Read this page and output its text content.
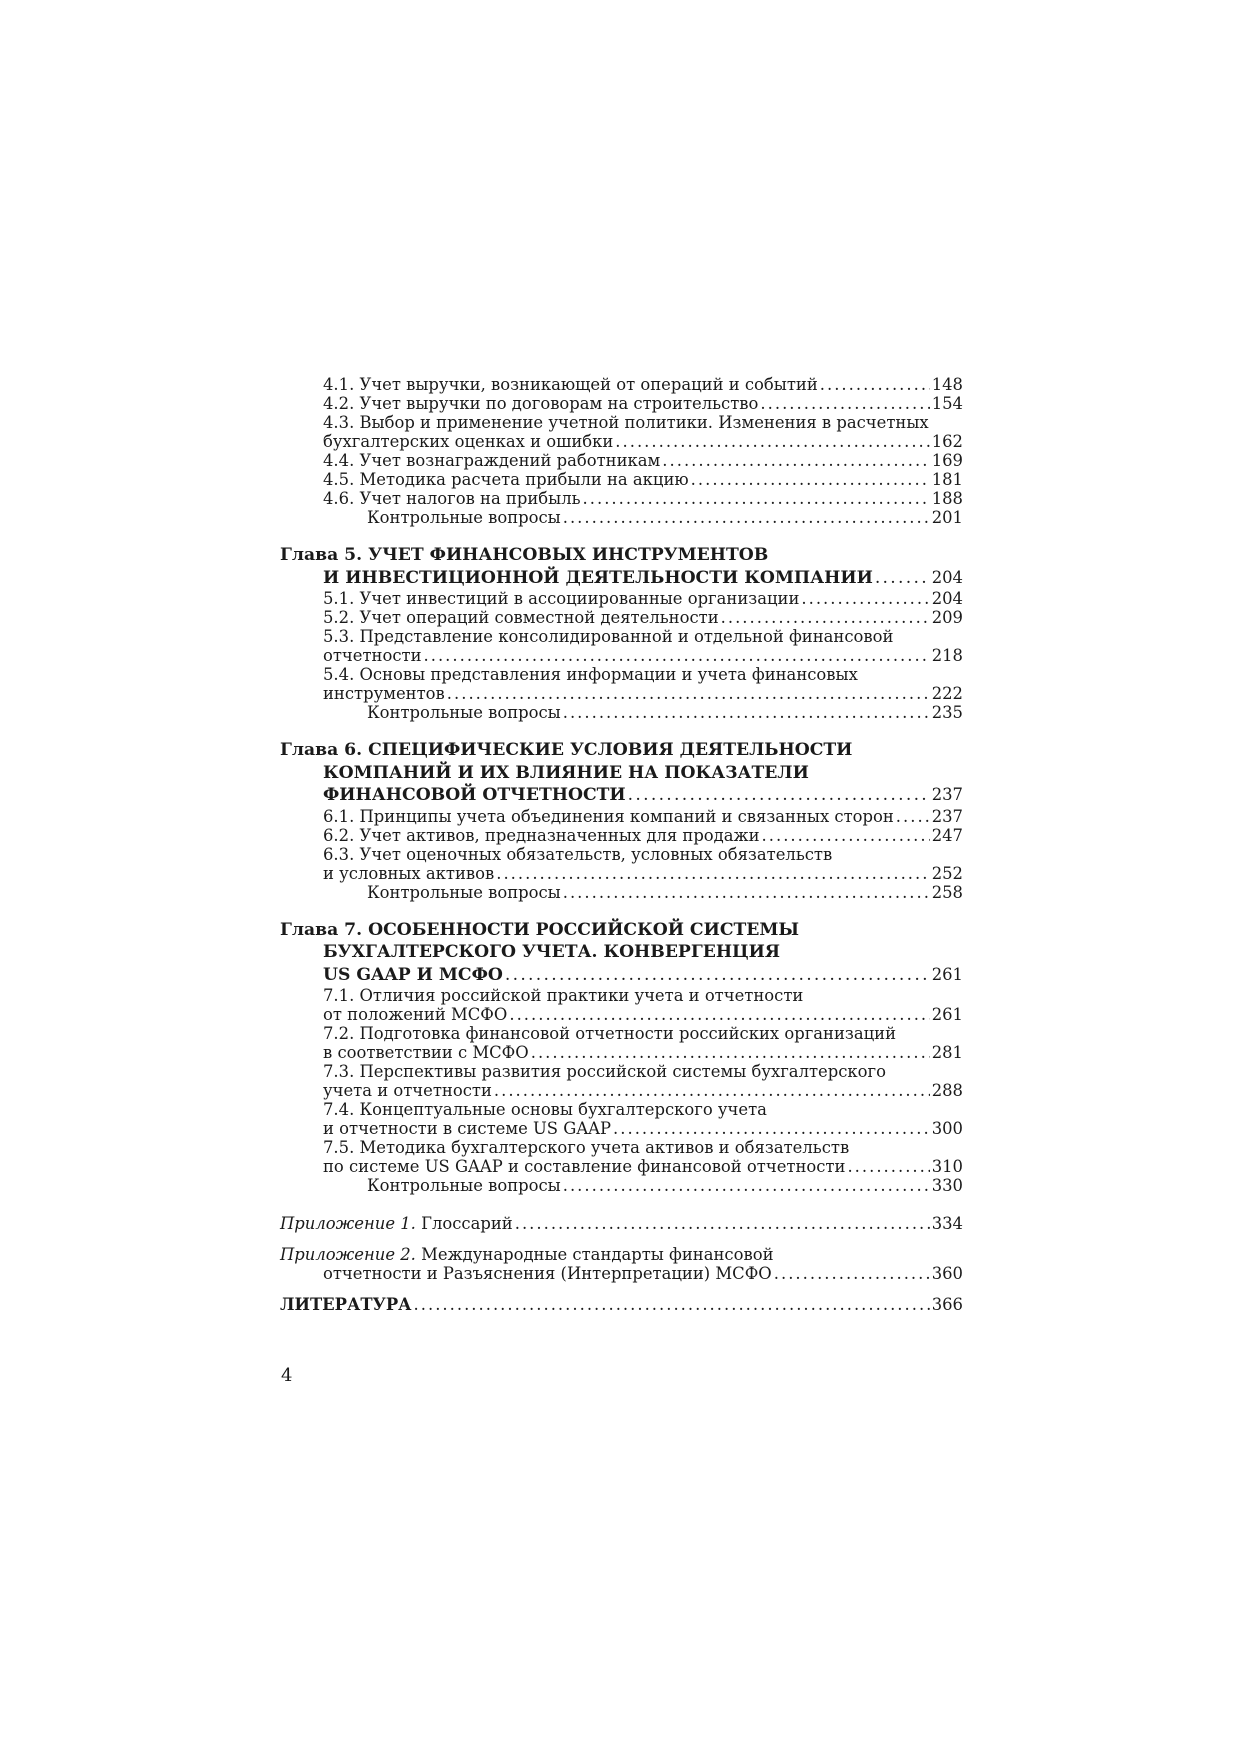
4.1. Учет выручки, возникающей от операций и событий . . .	148
4.2. Учет выручки по договорам на строительство . . .	154
4.3.
Выбор и применение учетной политики. Изменения в расчетных
бухгалтерских оценках и ошибки . . .	162
4.4. Учет вознаграждений работникам . . .	169
4.5. Методика расчета прибыли на акцию . . .	181
4.6. Учет налогов на прибыль . . .	188
Контрольные вопросы . . .	201
Глава 5.
УЧЕТ ФИНАНСОВЫХ ИНСТРУМЕНТОВ
И ИНВЕСТИЦИОННОЙ ДЕЯТЕЛЬНОСТИ КОМПАНИИ . . .	204
5.1. Учет инвестиций в ассоциированные организации . . .	204
5.2. Учет операций совместной деятельности . . .	209
5.3.
Представление консолидированной и отдельной финансовой
отчетности . . .	218
5.4.
Основы представления информации и учета финансовых
инструментов . . .	222
Контрольные вопросы . . .	235
Глава 6.
СПЕЦИФИЧЕСКИЕ УСЛОВИЯ ДЕЯТЕЛЬНОСТИ
КОМПАНИЙ И ИХ ВЛИЯНИЕ НА ПОКАЗАТЕЛИ
ФИНАНСОВОЙ ОТЧЕТНОСТИ . . .	237
6.1. Принципы учета объединения компаний и связанных сторон . . . 237
6.2. Учет активов, предназначенных для продажи . . .	247
6.3.
Учет оценочных обязательств, условных обязательств
и условных активов . . .	252
Контрольные вопросы . . .	258
Глава 7.
ОСОБЕННОСТИ РОССИЙСКОЙ СИСТЕМЫ
БУХГАЛТЕРСКОГО УЧЕТА. КОНВЕРГЕНЦИЯ
US GAAP И МСФО . . .	261
7.1.
Отличия российской практики учета и отчетности
от положений МСФО . . .	261
7.2.
Подготовка финансовой отчетности российских организаций
в соответствии с МСФО . . .	281
7.3.
Перспективы развития российской системы бухгалтерского
учета и отчетности . . .	288
7.4.
Концептуальные основы бухгалтерского учета
и отчетности в системе US GAAP . . .	300
7.5.
Методика бухгалтерского учета активов и обязательств
по системе US GAAP и составление финансовой отчетности . . .	310
Контрольные вопросы . . .	330
Приложение 1. Глоссарий . . .	334
Приложение 2.
Международные стандарты финансовой
отчетности и Разъяснения (Интерпретации) МСФО . . .	360
ЛИТЕРАТУРА . . .	366
4
